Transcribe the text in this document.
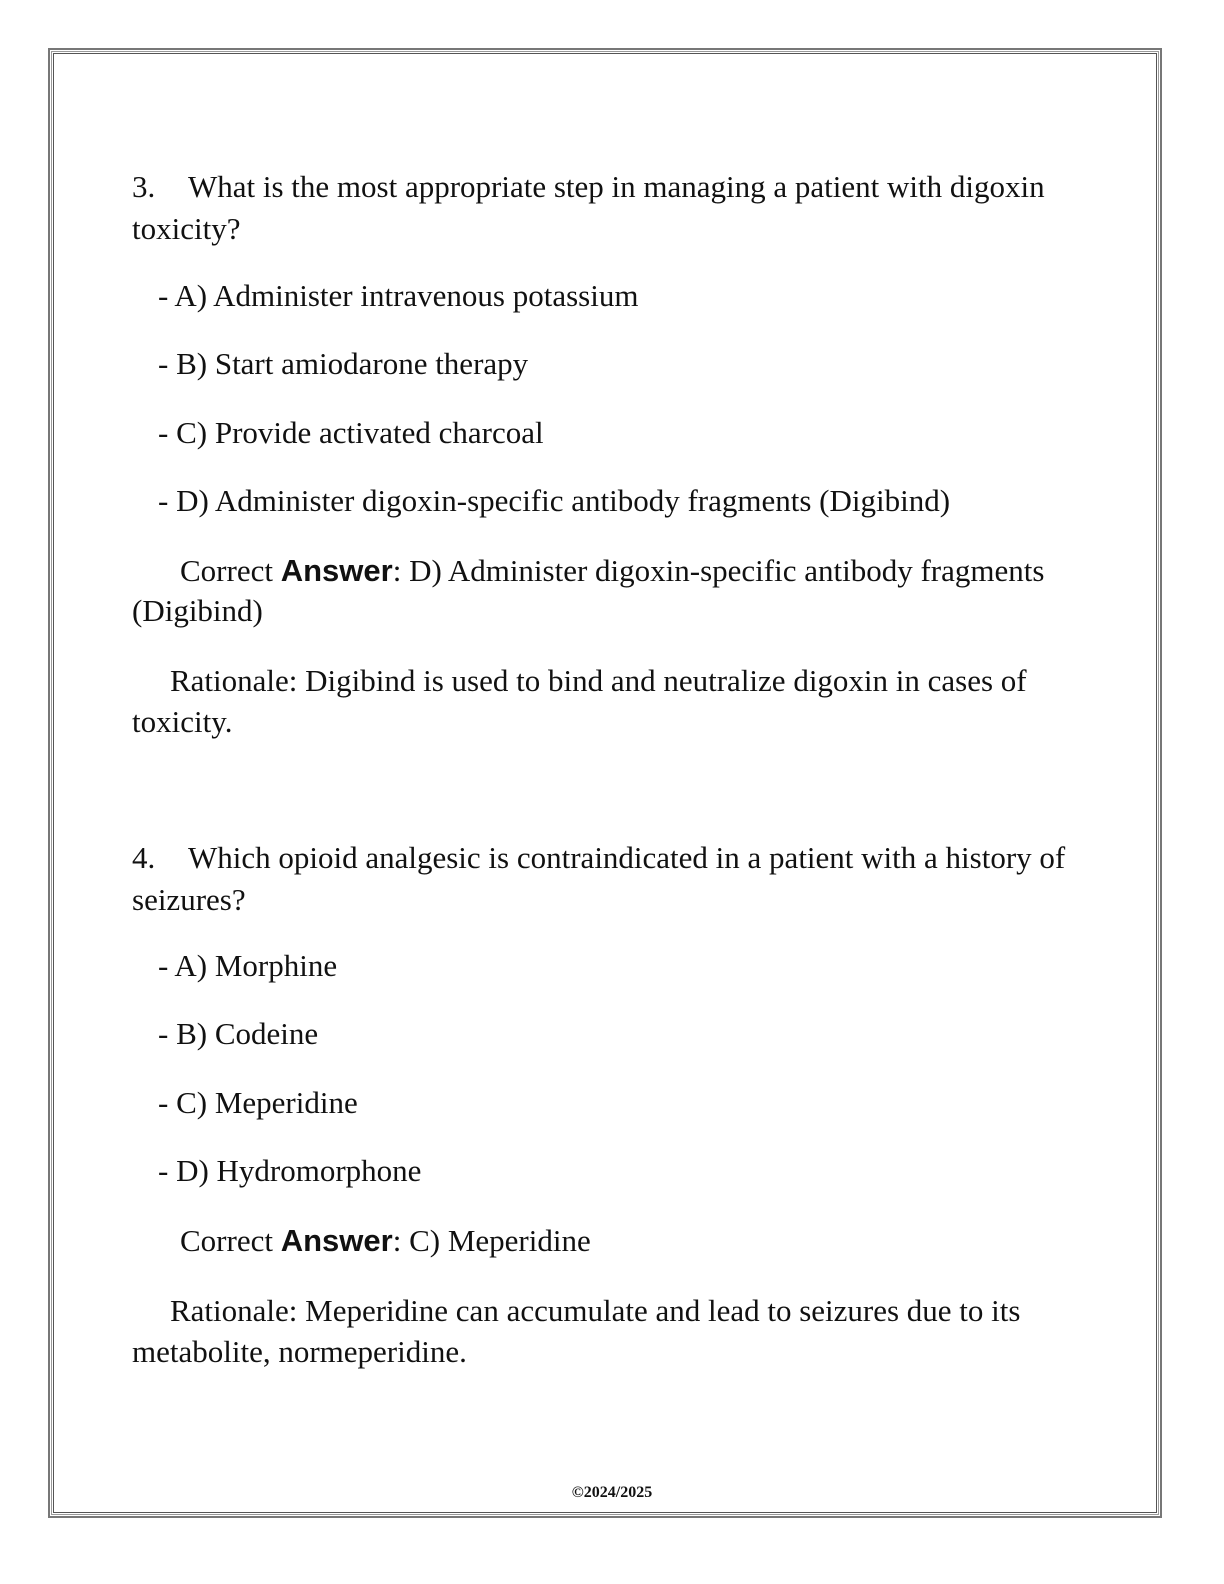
3. What is the most appropriate step in managing a patient with digoxin toxicity?

- A) Administer intravenous potassium

- B) Start amiodarone therapy

- C) Provide activated charcoal

- D) Administer digoxin-specific antibody fragments (Digibind)

Correct Answer: D) Administer digoxin-specific antibody fragments (Digibind)

Rationale: Digibind is used to bind and neutralize digoxin in cases of toxicity.

4. Which opioid analgesic is contraindicated in a patient with a history of seizures?

- A) Morphine

- B) Codeine

- C) Meperidine

- D) Hydromorphone

Correct Answer: C) Meperidine

Rationale: Meperidine can accumulate and lead to seizures due to its metabolite, normeperidine.

©2024/2025
